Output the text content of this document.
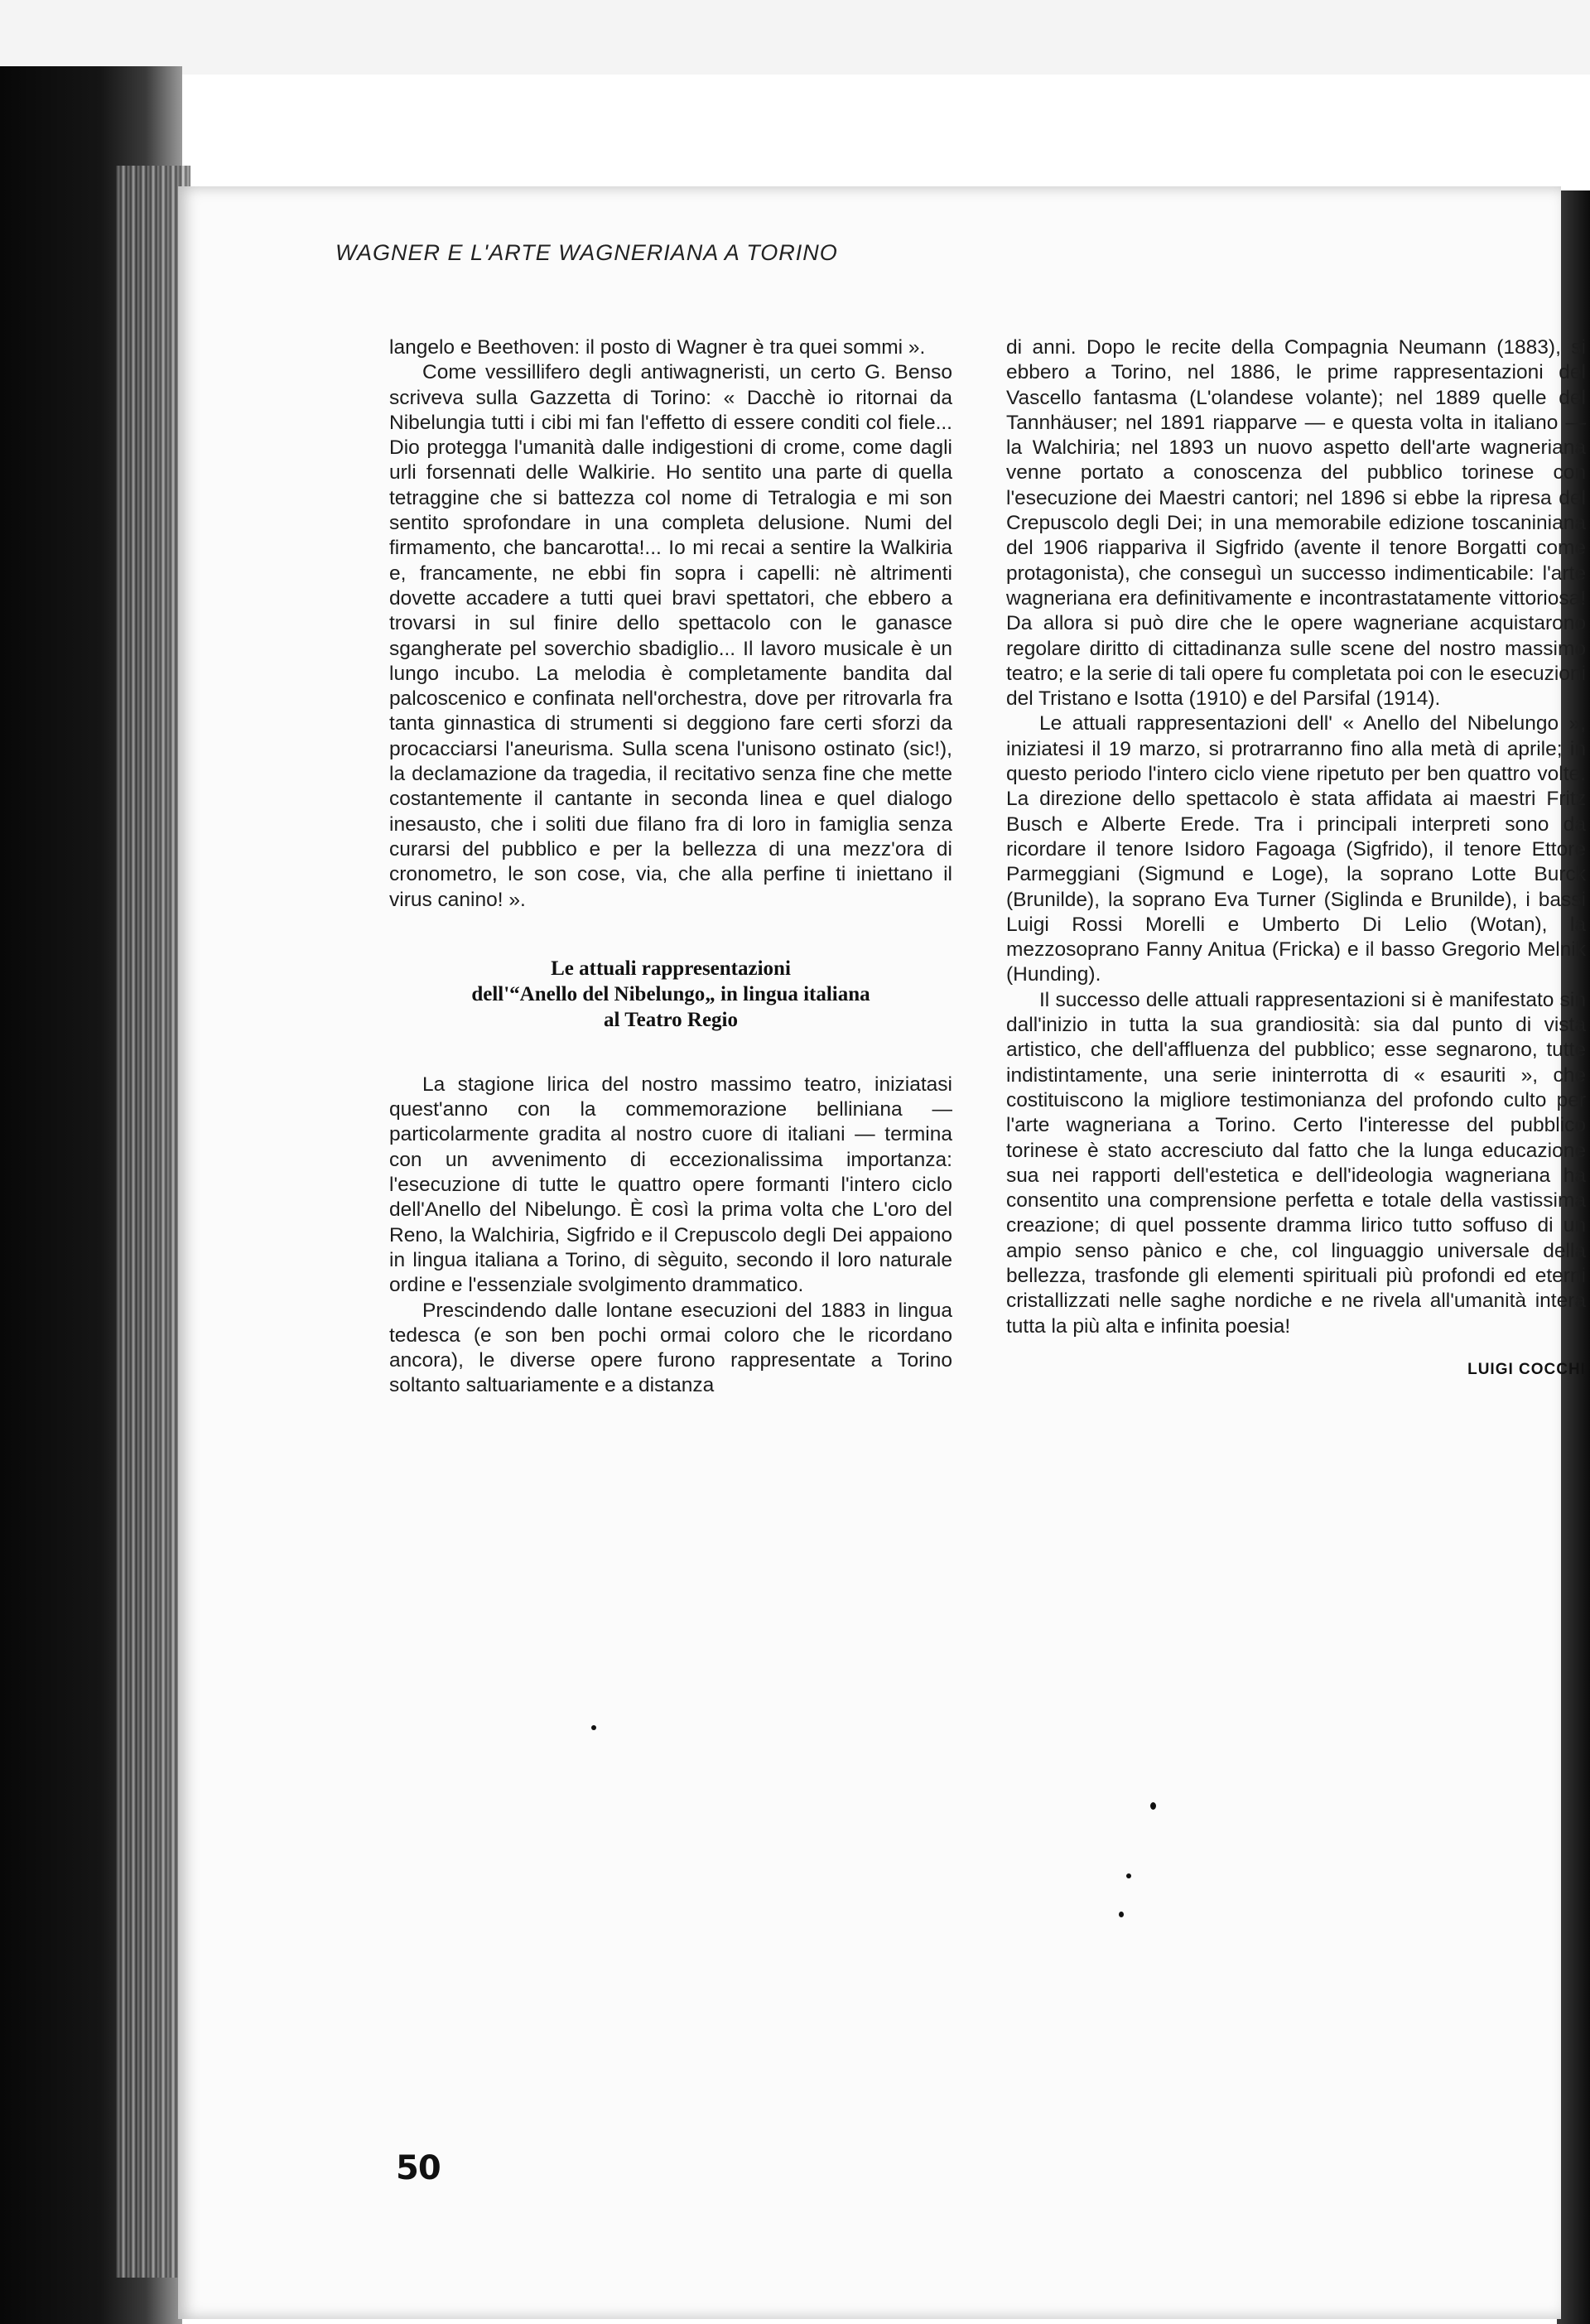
WAGNER E L'ARTE WAGNERIANA A TORINO

langelo e Beethoven: il posto di Wagner è tra quei sommi ».

Come vessillifero degli antiwagneristi, un certo G. Benso scriveva sulla Gazzetta di Torino: « Dacchè io ritornai da Nibelungia tutti i cibi mi fan l'effetto di essere conditi col fiele... Dio protegga l'umanità dalle indigestioni di crome, come dagli urli forsennati delle Walkirie. Ho sentito una parte di quella tetraggine che si battezza col nome di Tetralogia e mi son sentito sprofondare in una completa delusione. Numi del firmamento, che bancarotta!... Io mi recai a sentire la Walkiria e, francamente, ne ebbi fin sopra i capelli: nè altrimenti dovette accadere a tutti quei bravi spettatori, che ebbero a trovarsi in sul finire dello spettacolo con le ganasce sgangherate pel soverchio sbadiglio... Il lavoro musicale è un lungo incubo. La melodia è completamente bandita dal palcoscenico e confinata nell'orchestra, dove per ritrovarla fra tanta ginnastica di strumenti si deggiono fare certi sforzi da procacciarsi l'aneurisma. Sulla scena l'unisono ostinato (sic!), la declamazione da tragedia, il recitativo senza fine che mette costantemente il cantante in seconda linea e quel dialogo inesausto, che i soliti due filano fra di loro in famiglia senza curarsi del pubblico e per la bellezza di una mezz'ora di cronometro, le son cose, via, che alla perfine ti iniettano il virus canino! ».

Le attuali rappresentazioni
dell'“Anello del Nibelungo„ in lingua italiana
al Teatro Regio

La stagione lirica del nostro massimo teatro, iniziatasi quest'anno con la commemorazione belliniana — particolarmente gradita al nostro cuore di italiani — termina con un avvenimento di eccezionalissima importanza: l'esecuzione di tutte le quattro opere formanti l'intero ciclo dell'Anello del Nibelungo. È così la prima volta che L'oro del Reno, la Walchiria, Sigfrido e il Crepuscolo degli Dei appaiono in lingua italiana a Torino, di sèguito, secondo il loro naturale ordine e l'essenziale svolgimento drammatico.

Prescindendo dalle lontane esecuzioni del 1883 in lingua tedesca (e son ben pochi ormai coloro che le ricordano ancora), le diverse opere furono rappresentate a Torino soltanto saltuariamente e a distanza

di anni. Dopo le recite della Compagnia Neumann (1883), si ebbero a Torino, nel 1886, le prime rappresentazioni del Vascello fantasma (L'olandese volante); nel 1889 quelle del Tannhäuser; nel 1891 riapparve — e questa volta in italiano — la Walchiria; nel 1893 un nuovo aspetto dell'arte wagneriana venne portato a conoscenza del pubblico torinese con l'esecuzione dei Maestri cantori; nel 1896 si ebbe la ripresa del Crepuscolo degli Dei; in una memorabile edizione toscaniniana del 1906 riappariva il Sigfrido (avente il tenore Borgatti come protagonista), che conseguì un successo indimenticabile: l'arte wagneriana era definitivamente e incontrastatamente vittoriosa! Da allora si può dire che le opere wagneriane acquistarono regolare diritto di cittadinanza sulle scene del nostro massimo teatro; e la serie di tali opere fu completata poi con le esecuzioni del Tristano e Isotta (1910) e del Parsifal (1914).

Le attuali rappresentazioni dell' « Anello del Nibelungo », iniziatesi il 19 marzo, si protrarranno fino alla metà di aprile; in questo periodo l'intero ciclo viene ripetuto per ben quattro volte. La direzione dello spettacolo è stata affidata ai maestri Fritz Busch e Alberte Erede. Tra i principali interpreti sono da ricordare il tenore Isidoro Fagoaga (Sigfrido), il tenore Ettore Parmeggiani (Sigmund e Loge), la soprano Lotte Burck (Brunilde), la soprano Eva Turner (Siglinda e Brunilde), i bassi Luigi Rossi Morelli e Umberto Di Lelio (Wotan), la mezzosoprano Fanny Anitua (Fricka) e il basso Gregorio Melnik (Hunding).

Il successo delle attuali rappresentazioni si è manifestato sin dall'inizio in tutta la sua grandiosità: sia dal punto di vista artistico, che dell'affluenza del pubblico; esse segnarono, tutte indistintamente, una serie ininterrotta di « esauriti », che costituiscono la migliore testimonianza del profondo culto per l'arte wagneriana a Torino. Certo l'interesse del pubblico torinese è stato accresciuto dal fatto che la lunga educazione sua nei rapporti dell'estetica e dell'ideologia wagneriana ha consentito una comprensione perfetta e totale della vastissima creazione; di quel possente dramma lirico tutto soffuso di un ampio senso pànico e che, col linguaggio universale della bellezza, trasfonde gli elementi spirituali più profondi ed eterni cristallizzati nelle saghe nordiche e ne rivela all'umanità intera tutta la più alta e infinita poesia!

LUIGI COCCHI
50
